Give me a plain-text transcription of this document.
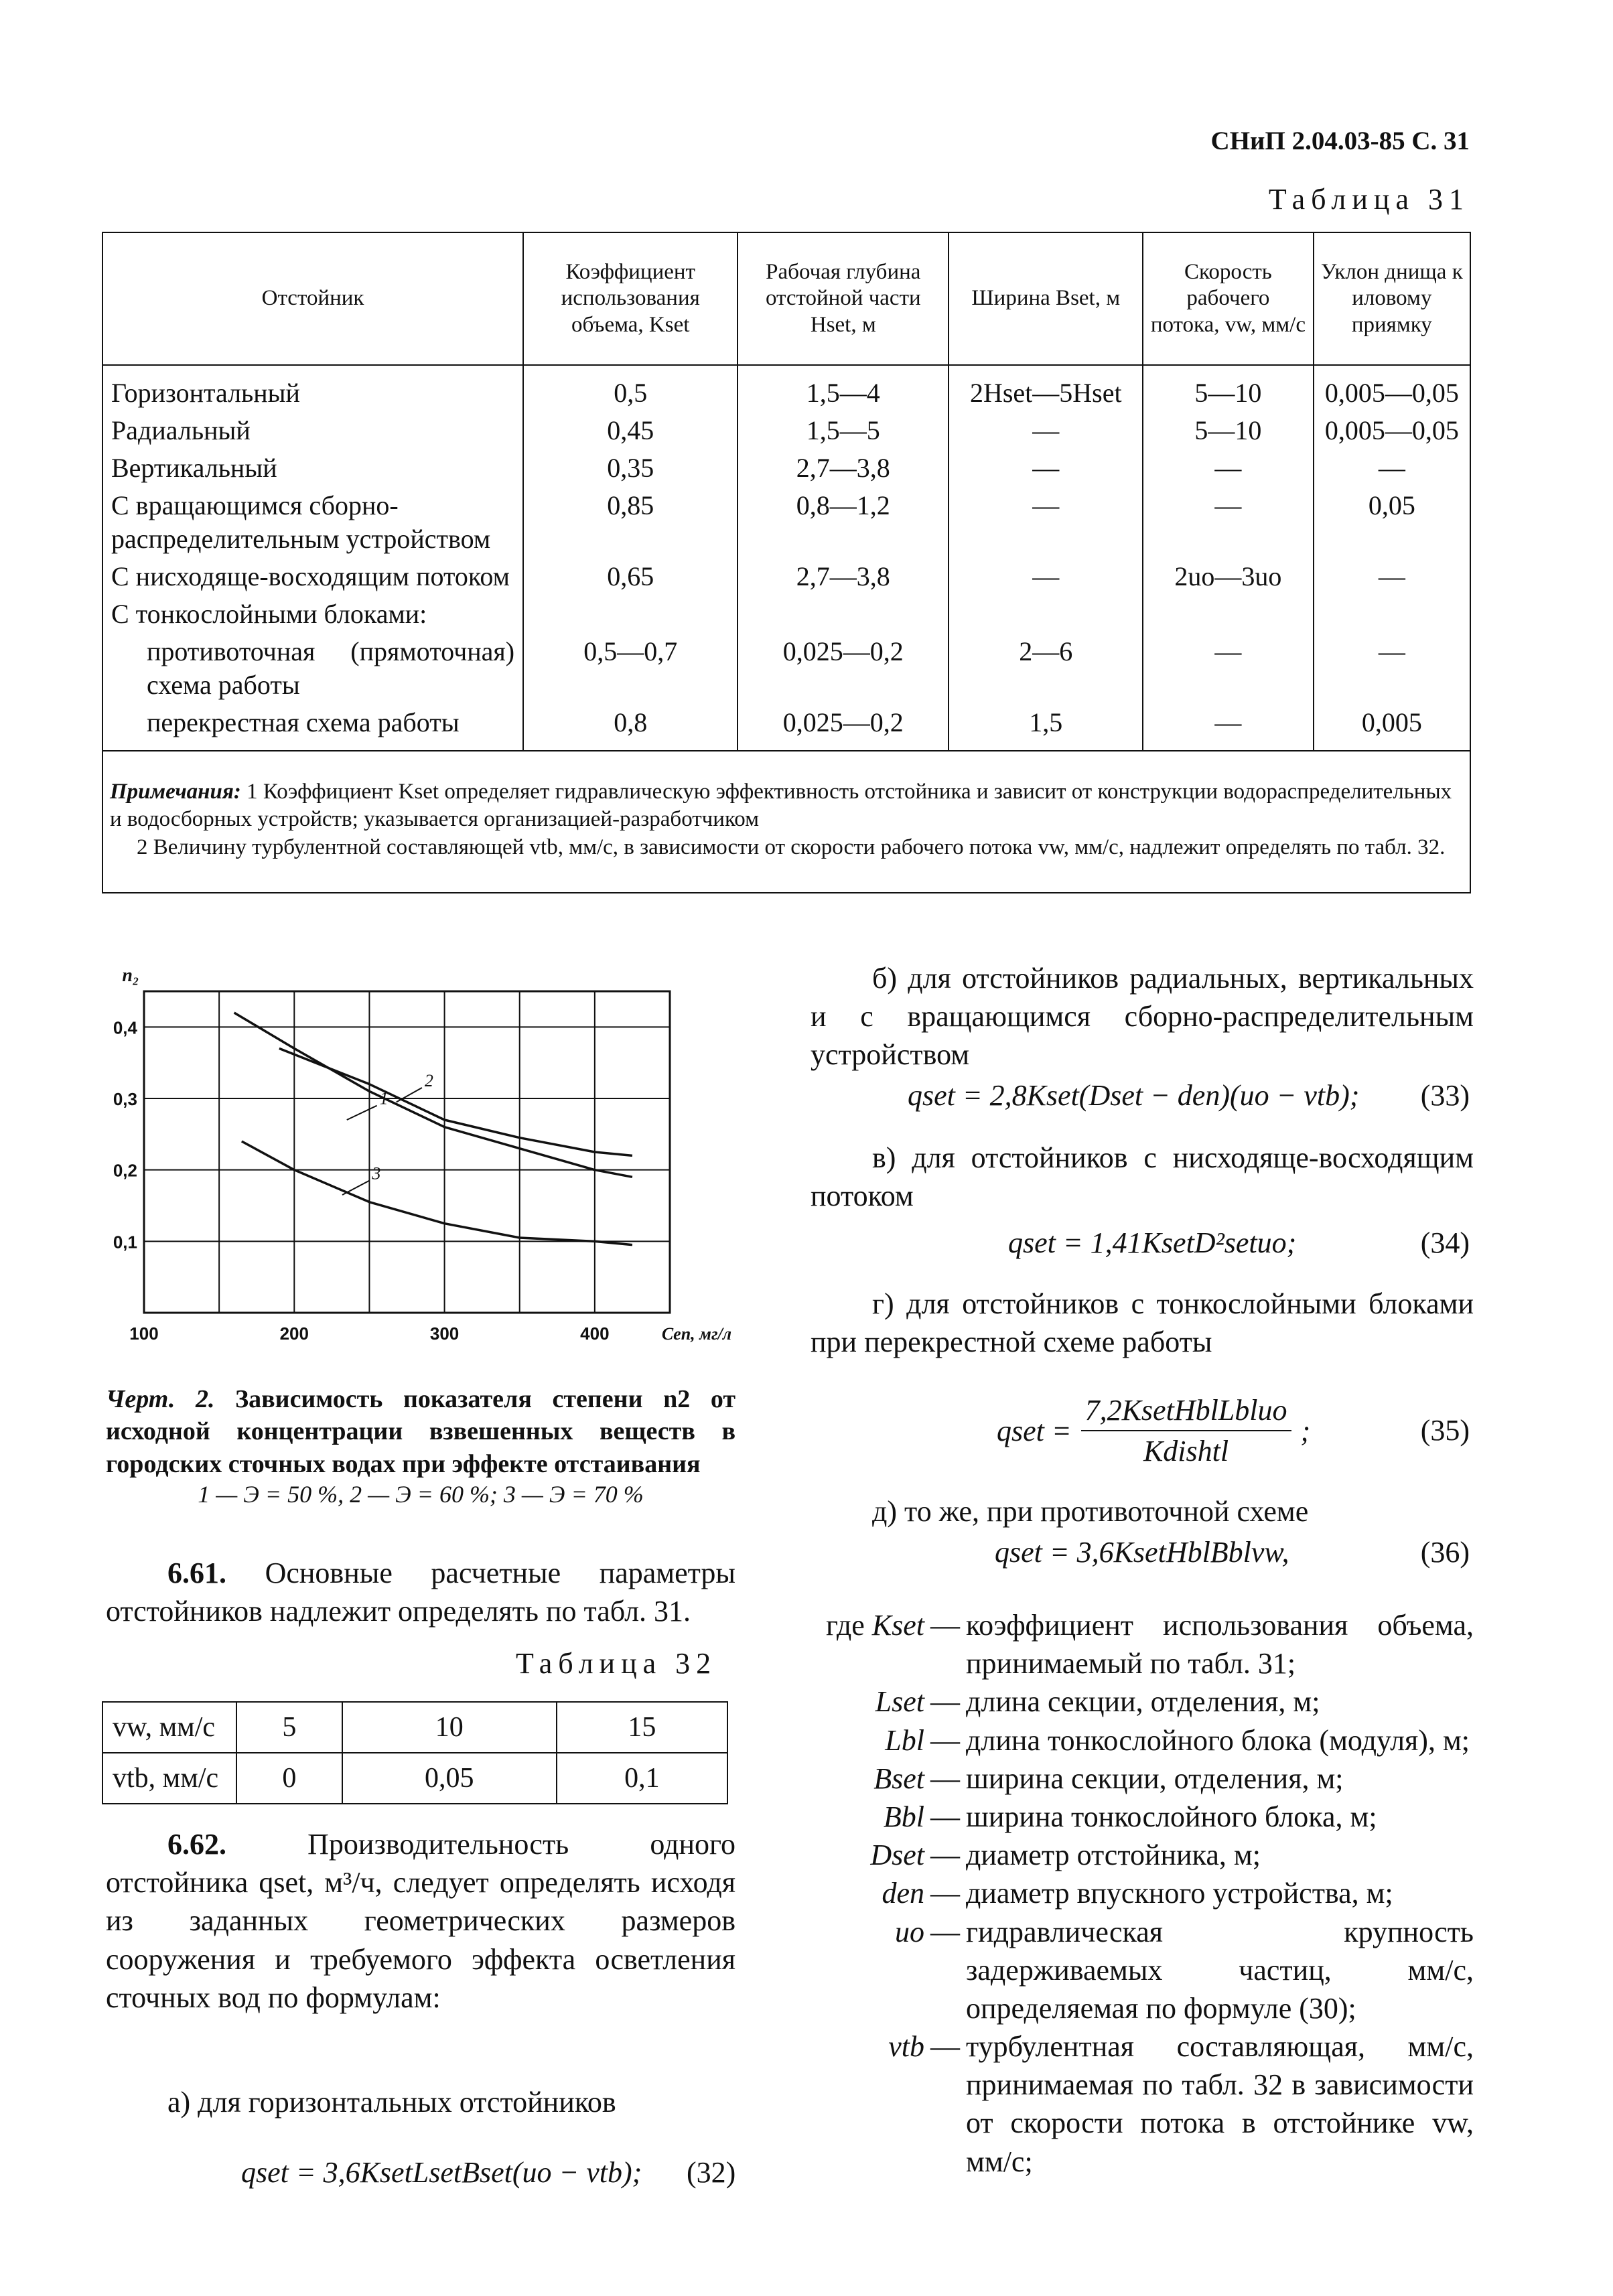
СНиП 2.04.03-85 С. 31
Таблица 31
Отстойник	Коэффициент использования объема, Kset	Рабочая глубина отстойной части Hset, м	Ширина Bset, м	Скорость рабочего потока, vw, мм/с	Уклон днища к иловому приямку
Горизонтальный	0,5	1,5—4	2Hset—5Hset	5—10	0,005—0,05
Радиальный	0,45	1,5—5	—	5—10	0,005—0,05
Вертикальный	0,35	2,7—3,8	—	—	—
С вращающимся сборно-распределительным устройством	0,85	0,8—1,2	—	—	0,05
С нисходяще-восходящим потоком	0,65	2,7—3,8	—	2uo—3uo	—
С тонкослойными блоками:					
противоточная (прямоточная) схема работы	0,5—0,7	0,025—0,2	2—6	—	—
перекрестная схема работы	0,8	0,025—0,2	1,5	—	0,005

Примечания: 1 Коэффициент Kset определяет гидравлическую эффективность отстойника и зависит от конструкции водораспределительных и водосборных устройств; указывается организацией-разработчиком
2 Величину турбулентной составляющей vtb, мм/с, в зависимости от скорости рабочего потока vw, мм/с, надлежит определять по табл. 32.					
0,4
0,3
0,2
0,1
100	200	300	400
n₂
Cen, мг/л
1
2
3
Черт. 2. Зависимость показателя степени n2 от исходной концентрации взвешенных веществ в городских сточных водах при эффекте отстаивания
1 — Э = 50 %, 2 — Э = 60 %; 3 — Э = 70 %
6.61. Основные расчетные параметры отстойников надлежит определять по табл. 31.
Таблица 32
vw, мм/с	5	10	15
vtb, мм/с	0	0,05	0,1
6.62.	Производительность одного отстойника qset, м³/ч, следует определять исходя из заданных геометрических размеров сооружения и требуемого эффекта осветления сточных вод по формулам:
а) для горизонтальных отстойников
qset = 3,6KsetLsetBset(uo − vtb); (32)
б) для отстойников радиальных, вертикальных и с вращающимся сборно-распределительным устройством
qset = 2,8Kset(Dset − den)(uo − vtb); (33)
в) для отстойников с нисходяще-восходящим потоком
qset = 1,41KsetD²setuo;	(34)
г) для отстойников с тонкослойными блоками при перекрестной схеме работы
qset =
7,2KsetHblLbluo
Kdishtl
;	(35)
д) то же, при противоточной схеме
qset = 3,6KsetHblBblvw,	(36)
где Kset — коэффициент использования объема, принимаемый по табл. 31;
Lset — длина секции, отделения, м;
Lbl — длина тонкослойного блока (модуля), м;
Bset — ширина секции, отделения, м;
Bbl — ширина тонкослойного блока, м;
Dset — диаметр отстойника, м;
den — диаметр впускного устройства, м;
uo — гидравлическая крупность задерживаемых частиц, мм/с, определяемая по формуле (30);
vtb — турбулентная составляющая, мм/с, принимаемая по табл. 32 в зависимости от скорости потока в отстойнике vw, мм/с;
